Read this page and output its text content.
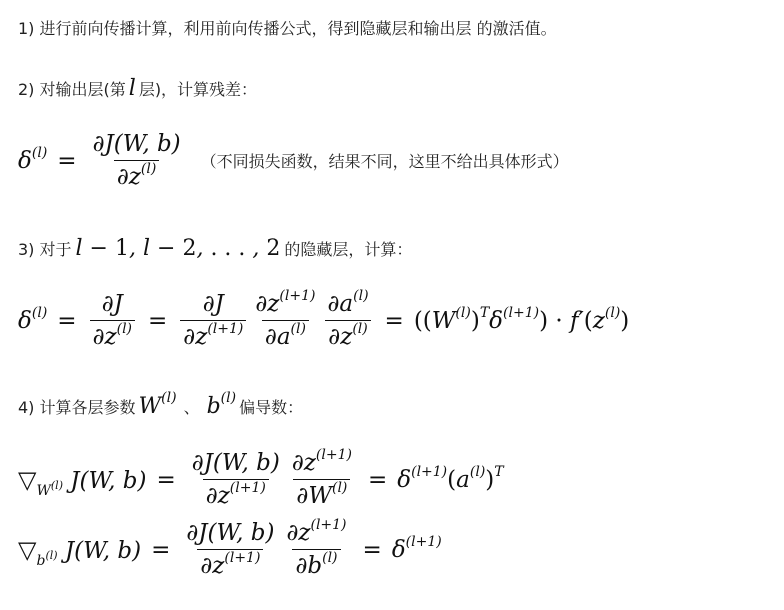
1) 进行前向传播计算，利用前向传播公式，得到隐藏层和输出层 的激活值。
2) 对输出层(第 l 层)，计算残差：
$\delta^{(l)} = \frac{\partial J(W, b)}{\partial z^{(l)}}$ （不同损失函数，结果不同，这里不给出具体形式）
3) 对于 l − 1, l − 2, . . . , 2 的隐藏层，计算：
$\delta^{(l)} = \frac{\partial J}{\partial z^{(l)}} = \frac{\partial J}{\partial z^{(l+1)}} \frac{\partial z^{(l+1)}}{\partial a^{(l)}} \frac{\partial a^{(l)}}{\partial z^{(l)}} = ((W^{(l)})^T\delta^{(l+1)}) \cdot f'(z^{(l)})$
4) 计算各层参数 $W^{(l)}$ 、 $b^{(l)}$ 偏导数：
$▽_{W^{(l)}}$ J(W, $b) = \frac{\partial J(W, b)}{\partial z^{(l+1)}} \frac{\partial z^{(l+1)}}{\partial W^{(l)}} = \delta^{(l+1)}(a^{(l)})^T$
$▽_{b^{(l)}}$ J(W, $b) = \frac{\partial J(W, b)}{\partial z^{(l+1)}} \frac{\partial z^{(l+1)}}{\partial b^{(l)}} = \delta^{(l+1)}$
